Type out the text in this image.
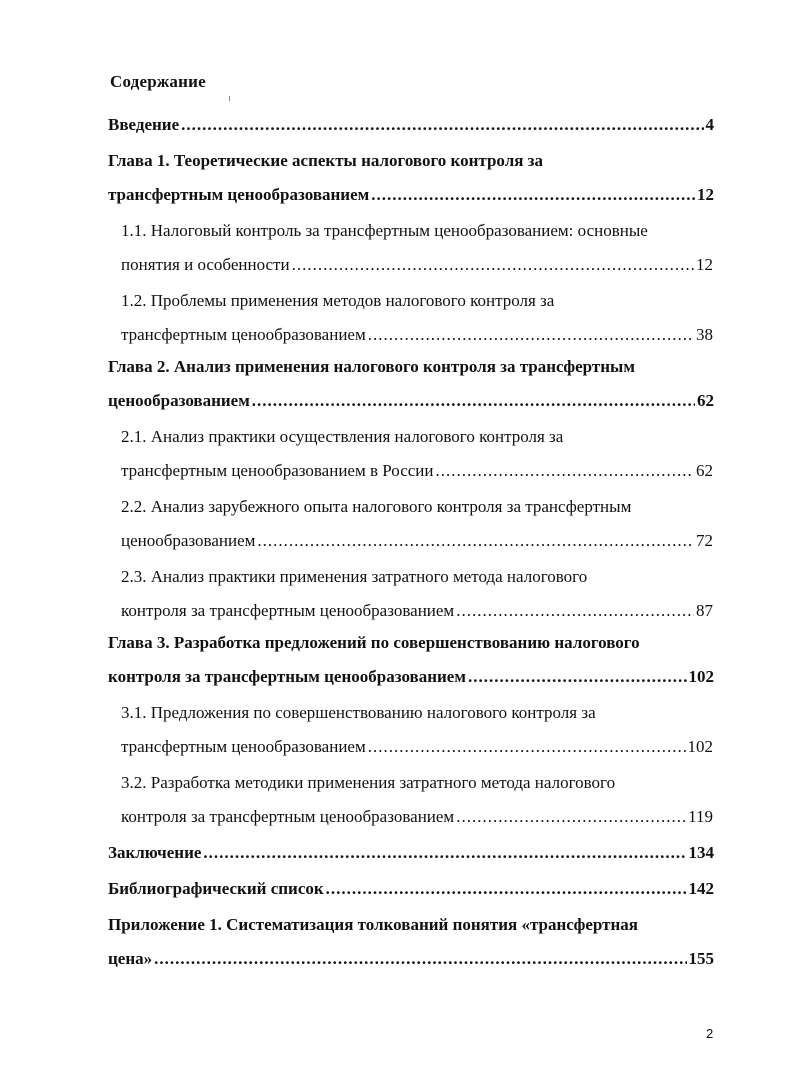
Содержание
Введение .....	4
Глава 1. Теоретические аспекты налогового контроля за
трансфертным ценообразованием .....	12
1.1. Налоговый контроль за трансфертным ценообразованием: основные
понятия и особенности .....	12
1.2. Проблемы применения методов налогового контроля за
трансфертным ценообразованием .....	38
Глава 2. Анализ применения налогового контроля за трансфертным
ценообразованием .....	62
2.1. Анализ практики осуществления налогового контроля за
трансфертным ценообразованием в России .....	62
2.2. Анализ зарубежного опыта налогового контроля за трансфертным
ценообразованием .....	72
2.3. Анализ практики применения затратного метода налогового
контроля за трансфертным ценообразованием .....	87
Глава 3. Разработка предложений по совершенствованию налогового
контроля за трансфертным ценообразованием .....	102
3.1. Предложения по совершенствованию налогового контроля за
трансфертным ценообразованием .....	102
3.2. Разработка методики применения затратного метода налогового
контроля за трансфертным ценообразованием .....	119
Заключение .....	134
Библиографический список .....	142
Приложение 1. Систематизация толкований понятия «трансфертная
цена» .....	155
2
